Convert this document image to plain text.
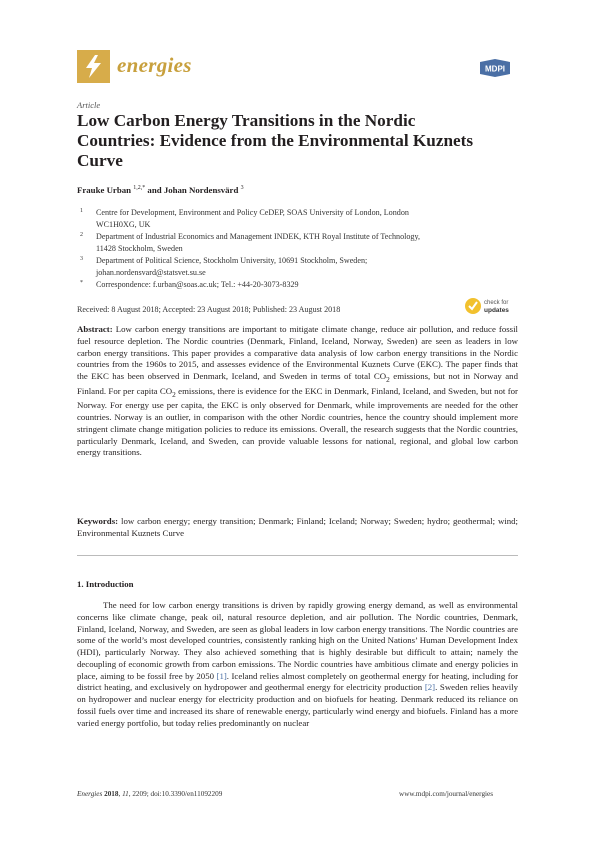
energies	MDPI
Article
Low Carbon Energy Transitions in the Nordic Countries: Evidence from the Environmental Kuznets Curve
Frauke Urban $^{1,2,*}$ and Johan Nordensvärd $^3$
1 Centre for Development, Environment and Policy CeDEP, SOAS University of London, London WC1H0XG, UK
2 Department of Industrial Economics and Management INDEK, KTH Royal Institute of Technology, 11428 Stockholm, Sweden
3 Department of Political Science, Stockholm University, 10691 Stockholm, Sweden; johan.nordensvard@statsvet.su.se
* Correspondence: f.urban@soas.ac.uk; Tel.: +44-20-3073-8329
Received: 8 August 2018; Accepted: 23 August 2018; Published: 23 August 2018
check for
updates

Abstract: Low carbon energy transitions are important to mitigate climate change, reduce air pollution, and reduce fossil fuel resource depletion. The Nordic countries (Denmark, Finland, Iceland, Norway, Sweden) are seen as leaders in low carbon energy transitions. This paper provides a comparative data analysis of low carbon energy transitions in the Nordic countries from the 1960s to 2015, and assesses evidence of the Environmental Kuznets Curve (EKC). The paper finds that the EKC has been observed in Denmark, Iceland, and Sweden in terms of total $CO_2$ emissions, but not in Norway and Finland. For per capita $CO_2$ emissions, there is evidence for the EKC in Denmark, Finland, Iceland, and Sweden, but not for Norway. For energy use per capita, the EKC is only observed for Denmark, while improvements are needed for the other countries. Norway is an outlier, in comparison with the other Nordic countries, hence the country should implement more stringent climate change mitigation policies to reduce its emissions. Overall, the research suggests that the Nordic countries, particularly Denmark, Iceland, and Sweden, can provide valuable lessons for national, regional, and global low carbon energy transitions.

Keywords: low carbon energy; energy transition; Denmark; Finland; Iceland; Norway; Sweden; hydro; geothermal; wind; Environmental Kuznets Curve

1. Introduction

The need for low carbon energy transitions is driven by rapidly growing energy demand, as well as environmental concerns like climate change, peak oil, natural resource depletion, and air pollution. The Nordic countries, Denmark, Finland, Iceland, Norway, and Sweden, are seen as global leaders in low carbon energy transitions. The Nordic countries are some of the world’s most developed countries, consistently ranking high on the United Nations’ Human Development Index (HDI), particularly Norway. They also achieved something that is highly desirable but difficult to attain; namely the decoupling of economic growth from carbon emissions. The Nordic countries have ambitious climate and energy policies in place, aiming to be fossil free by 2050 [1]. Iceland relies almost completely on geothermal energy for heating, including for district heating, and exclusively on hydropower and geothermal energy for electricity production [2]. Sweden relies heavily on hydropower and nuclear energy for electricity production and on biofuels for heating. Denmark reduced its reliance on fossil fuels over time and increased its share of renewable energy, particularly wind energy and biofuels. Finland has a more varied energy portfolio, but today relies predominantly on nuclear

Energies 2018, 11, 2209; doi:10.3390/en11092209	www.mdpi.com/journal/energies
